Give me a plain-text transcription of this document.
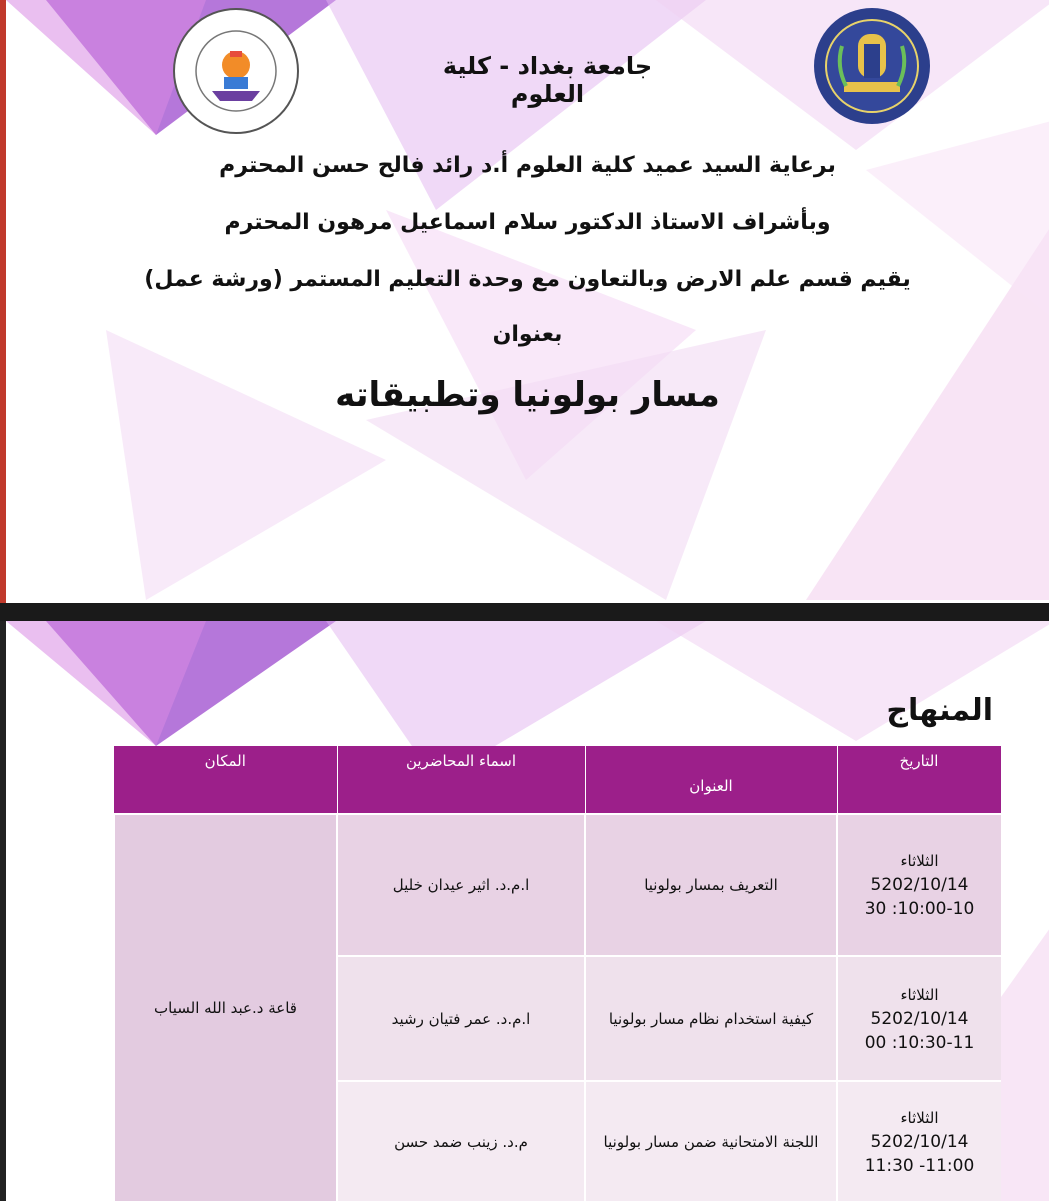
جامعة بغداد - كلية العلوم
برعاية السيد عميد كلية العلوم أ.د رائد فالح حسن المحترم
وبأشراف الاستاذ الدكتور سلام اسماعيل مرهون المحترم
يقيم قسم علم الارض وبالتعاون مع وحدة التعليم المستمر (ورشة عمل)
بعنوان
مسار بولونيا وتطبيقاته
المنهاج
التاريخ	العنوان	اسماء المحاضرين	المكان

الثلاثاء
5202/10/14
10:00-10: 30	التعريف بمسار بولونيا	ا.م.د. اثير عيدان خليل	قاعة د.عبد الله السياب

الثلاثاء
5202/10/14
10:30-11: 00	كيفية استخدام نظام مسار بولونيا	ا.م.د. عمر فتيان رشيد	

الثلاثاء
5202/10/14
11:00- 11:30	اللجنة الامتحانية ضمن مسار بولونيا	م.د. زينب ضمد حسن	
